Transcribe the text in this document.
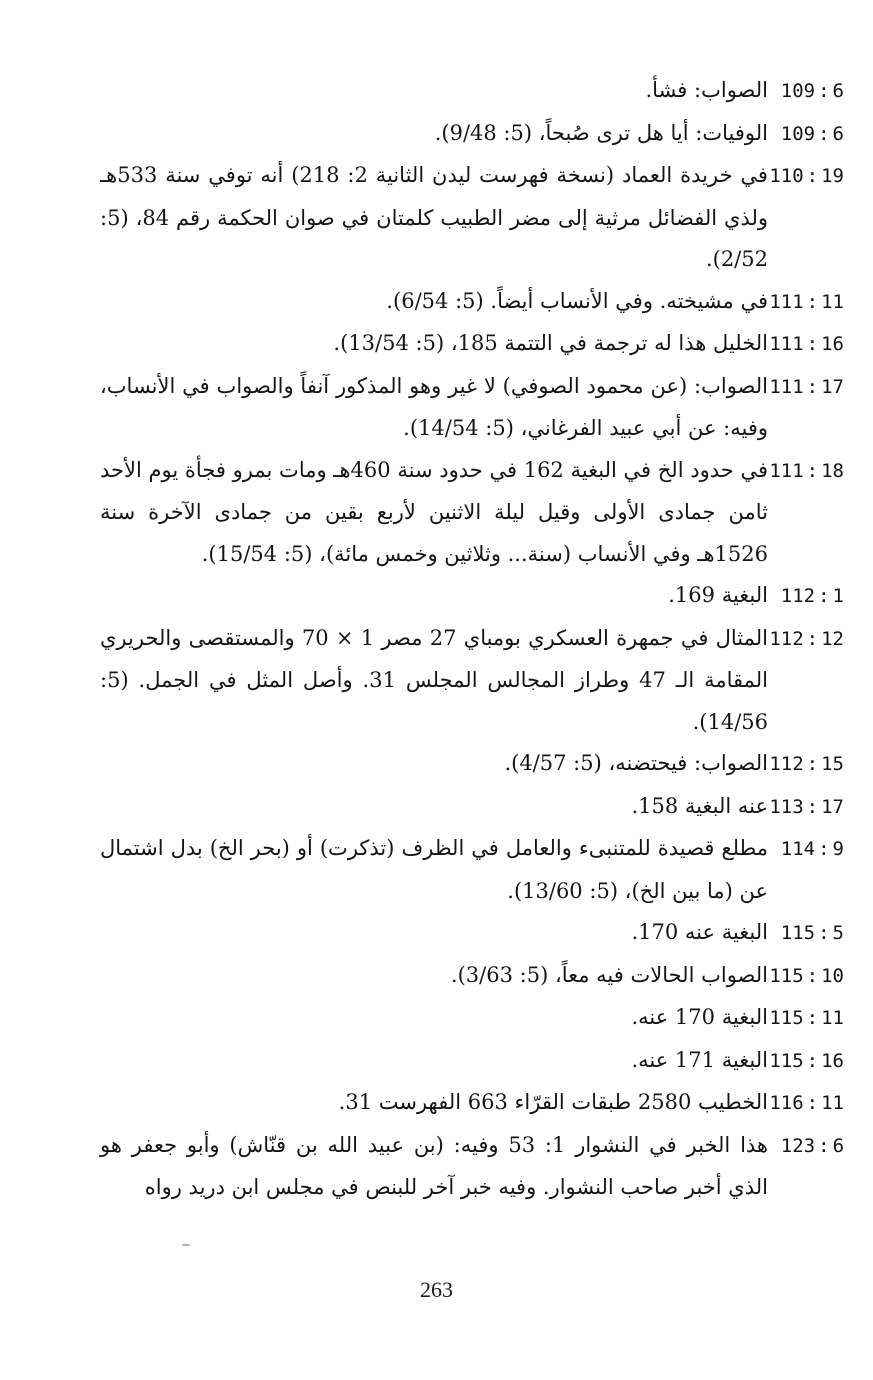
109 : 6الصواب: فشأ.

109 : 6الوفيات: أيا هل ترى صُبحاً، (5: 9/48).

110 : 19في خريدة العماد (نسخة فهرست ليدن الثانية 2: 218) أنه توفي سنة 533هـ ولذي الفضائل مرثية إلى مضر الطبيب كلمتان في صوان الحكمة رقم 84، (5: 2/52).

111 : 11في مشيخته. وفي الأنساب أيضاً. (5: 6/54).

111 : 16الخليل هذا له ترجمة في التتمة 185، (5: 13/54).

111 : 17الصواب: (عن محمود الصوفي) لا غير وهو المذكور آنفاً والصواب في الأنساب، وفيه: عن أبي عبيد الفرغاني، (5: 14/54).

111 : 18في حدود الخ في البغية 162 في حدود سنة 460هـ ومات بمرو فجأة يوم الأحد ثامن جمادى الأولى وقيل ليلة الاثنين لأربع بقين من جمادى الآخرة سنة 1526هـ وفي الأنساب (سنة... وثلاثين وخمس مائة)، (5: 15/54).

112 : 1البغية 169.

112 : 12المثال في جمهرة العسكري بومباي 27 مصر 1 × 70 والمستقصى والحريري المقامة الـ 47 وطراز المجالس المجلس 31. وأصل المثل في الجمل. (5: 14/56).

112 : 15الصواب: فيحتضنه، (5: 4/57).

113 : 17عنه البغية 158.

114 : 9مطلع قصيدة للمتنبىء والعامل في الظرف (تذكرت) أو (بحر الخ) بدل اشتمال عن (ما بين الخ)، (5: 13/60).

115 : 5البغية عنه 170.

115 : 10الصواب الحالات فيه معاً، (5: 3/63).

115 : 11البغية 170 عنه.

115 : 16البغية 171 عنه.

116 : 11الخطيب 2580 طبقات القرّاء 663 الفهرست 31.

123 : 6هذا الخبر في النشوار 1: 53 وفيه: (بن عبيد الله بن قنّاش) وأبو جعفر هو الذي أخبر صاحب النشوار. وفيه خبر آخر للبنص في مجلس ابن دريد رواه

263
